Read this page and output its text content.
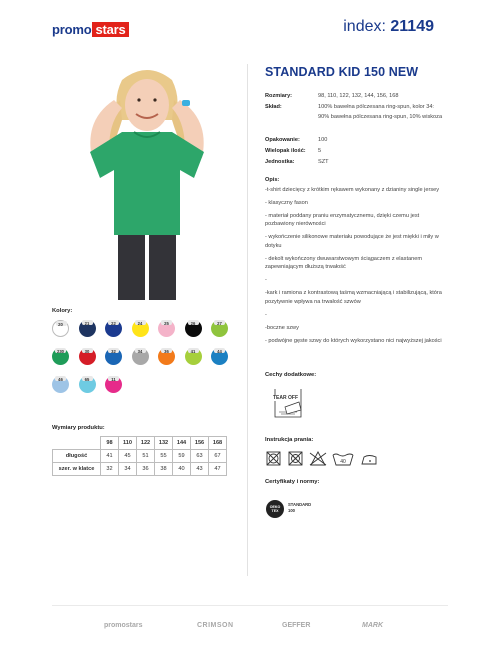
promo stars	index: 21149
STANDARD KID 150 NEW
Rozmiary:	98, 110, 122, 132, 144, 156, 168
Skład:	100% bawełna pólczesana ring-spun, kolor 34: 90% bawełna pólczesana ring-spun, 10% wiskoza
Opakowanie:	100
Wielopak ilość: 5
Jednostka:	SZT
Opis:

-t-shirt dziecięcy z krótkim rękawem wykonany z dzianiny single jersey

- klasyczny fason

- materiał poddany praniu enzymatycznemu, dzięki czemu jest pozbawiony nierówności

- wykończenie silikonowe materiału powodujące że jest miękki i miły w dotyku

- dekolt wykończony dwuwarstwowym ściągaczem z elastanem zapewniającym dłuższą trwałość

-

-kark i ramiona z kontrastową taśmą wzmacniającą i stabilizującą, która pozytywnie wpływa na trwałość szwów

-

-boczne szwy

- podwójne gęste szwy do których wykorzystano nici najwyższej jakości

Cechy dodatkowe:
TEAR OFF
Instrukcja prania:
40
Certyfikaty i normy:
OEKO TEX
STANDARD
100
Kolory:
20	21	22	24	25	26	27
230	30	32	34	36	41	44
46	65	11
Wymiary produktu:
	98	110	122	132	144	156	168
długość	41	45	51	55	59	63	67
szer. w klatce	32	34	36	38	40	43	47
promostars	CRIMSON	GEFFER	MARK
